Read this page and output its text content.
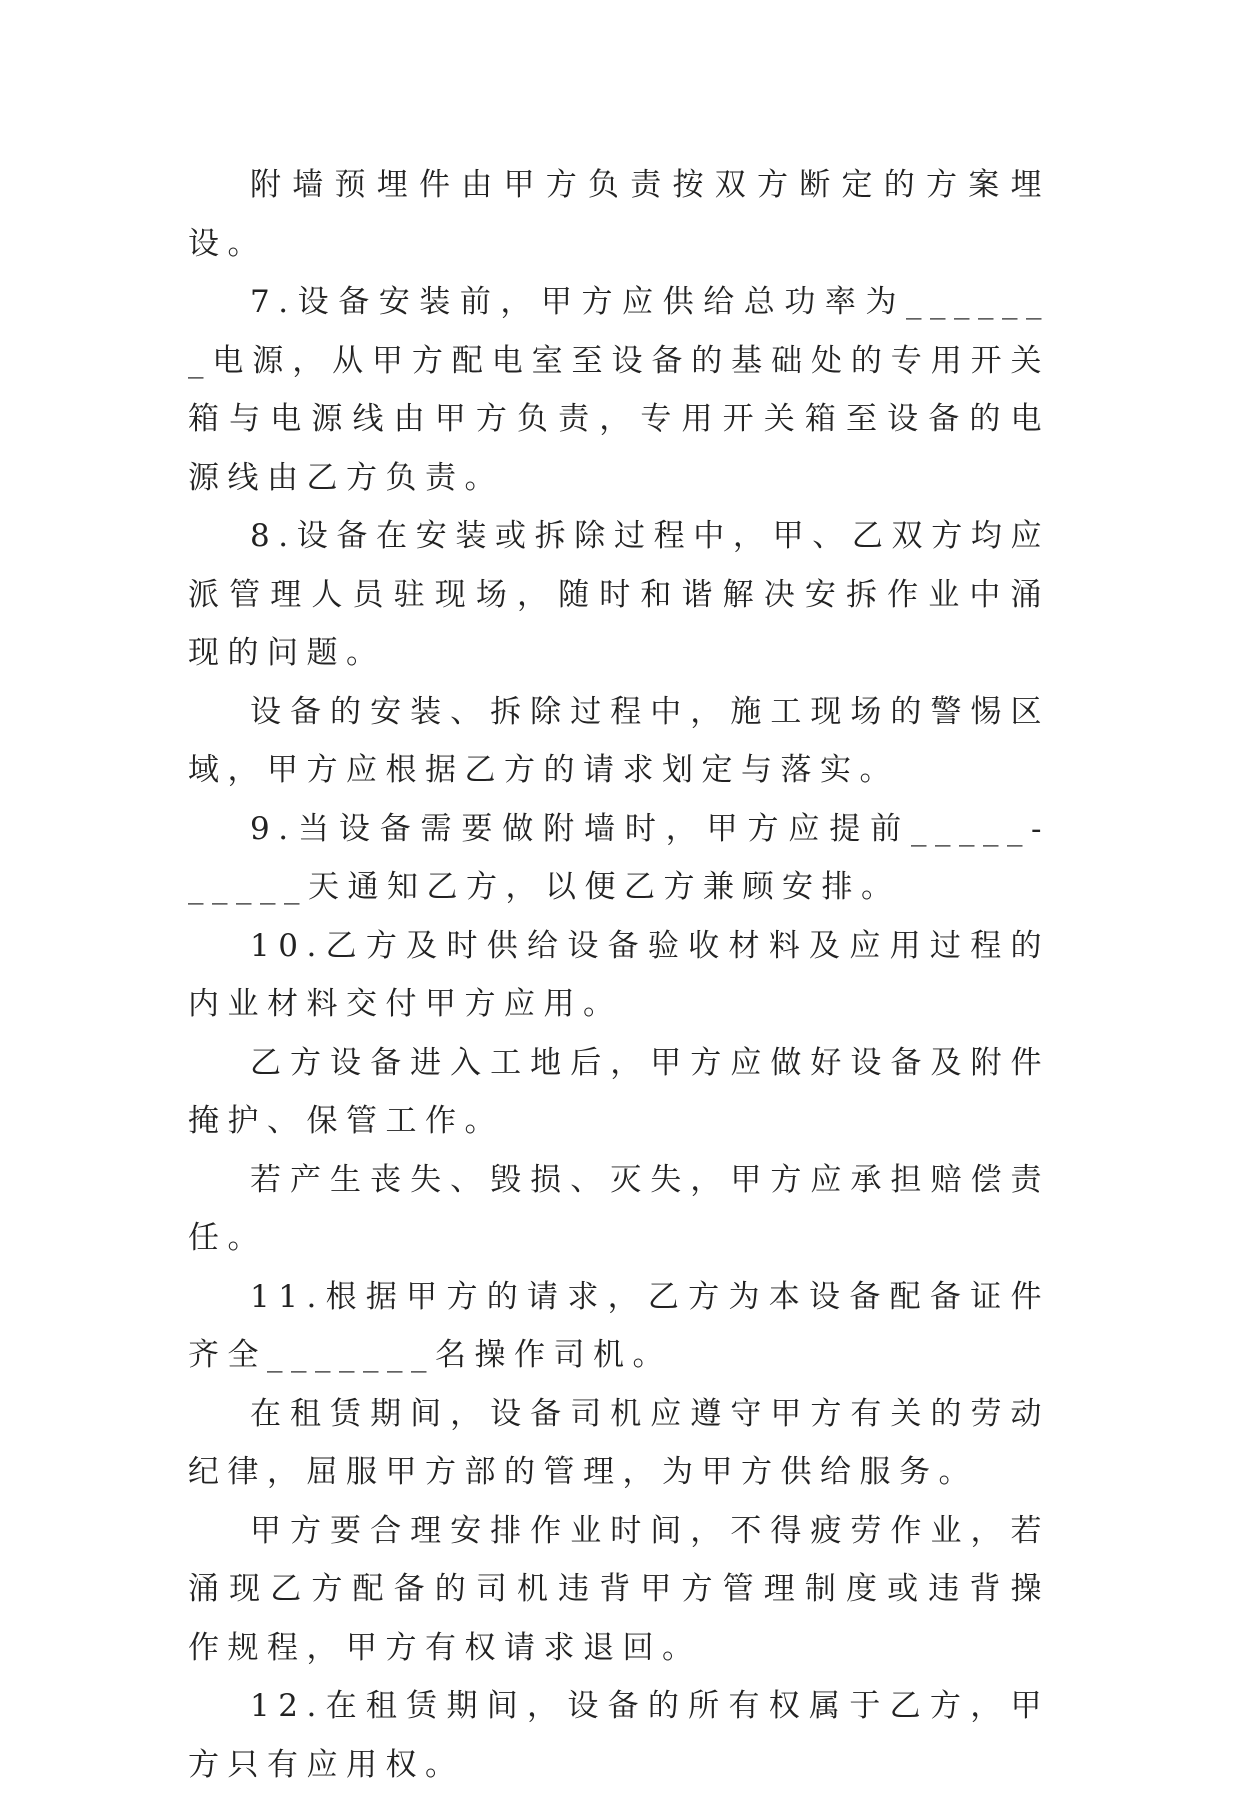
附墙预埋件由甲方负责按双方断定的方案埋设。

7.设备安装前，甲方应供给总功率为_______电源，从甲方配电室至设备的基础处的专用开关箱与电源线由甲方负责，专用开关箱至设备的电源线由乙方负责。

8.设备在安装或拆除过程中，甲、乙双方均应派管理人员驻现场，随时和谐解决安拆作业中涌现的问题。

设备的安装、拆除过程中，施工现场的警惕区域，甲方应根据乙方的请求划定与落实。

9.当设备需要做附墙时，甲方应提前_____-_____天通知乙方，以便乙方兼顾安排。

10.乙方及时供给设备验收材料及应用过程的内业材料交付甲方应用。

乙方设备进入工地后，甲方应做好设备及附件掩护、保管工作。

若产生丧失、毁损、灭失，甲方应承担赔偿责任。

11.根据甲方的请求，乙方为本设备配备证件齐全_______名操作司机。

在租赁期间，设备司机应遵守甲方有关的劳动纪律，屈服甲方部的管理，为甲方供给服务。

甲方要合理安排作业时间，不得疲劳作业，若涌现乙方配备的司机违背甲方管理制度或违背操作规程，甲方有权请求退回。

12.在租赁期间，设备的所有权属于乙方，甲方只有应用权。
